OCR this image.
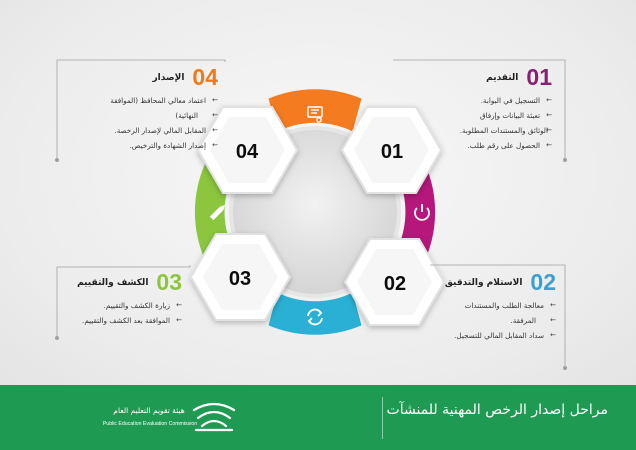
04	01
03	02
04
الإصدار
← اعتماد معالي المحافظ (الموافقة
← النهائية)
← المقابل المالي لإصدار الرخصة.
← إصدار الشهادة والترخيص.
01
التقديم
← التسجيل في البوابة.
← تعبئة البيانات وإرفاق
← الوثائق والمستندات المطلوبة.
← الحصول على رقم طلب.
03
الكشف والتقييم
← زيارة الكشف والتقييم.
← الموافقة بعد الكشف والتقييم.
02
الاستلام والتدقيق
← معالجة الطلب والمستندات
← المرفقة.
← سداد المقابل المالي للتسجيل.
مراحل إصدار الرخص المهنية للمنشآت
هيئة تقويم التعليم العام
Public Education Evaluation Commission
